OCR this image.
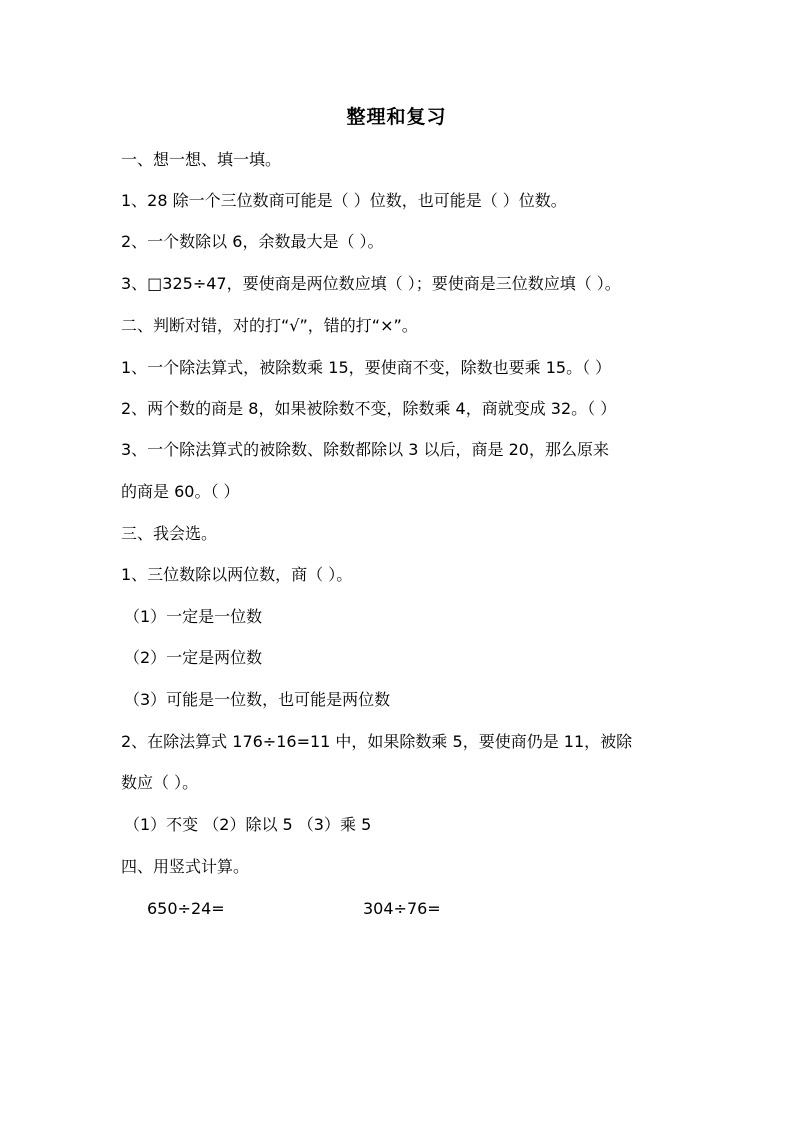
整理和复习
一、想一想、填一填。
1、28 除一个三位数商可能是（ ）位数，也可能是（ ）位数。
2、一个数除以 6，余数最大是（ ）。
3、□325÷47，要使商是两位数应填（ ）；要使商是三位数应填（ ）。
二、判断对错，对的打“√”，错的打“×”。
1、一个除法算式，被除数乘 15，要使商不变，除数也要乘 15。（ ）
2、两个数的商是 8，如果被除数不变，除数乘 4，商就变成 32。（ ）
3、一个除法算式的被除数、除数都除以 3 以后，商是 20，那么原来
的商是 60。（ ）
三、我会选。
1、三位数除以两位数，商（ ）。
（1）一定是一位数
（2）一定是两位数
（3）可能是一位数，也可能是两位数
2、在除法算式 176÷16=11 中，如果除数乘 5，要使商仍是 11，被除
数应（ ）。
（1）不变 （2）除以 5 （3）乘 5
四、用竖式计算。
650÷24=	304÷76=
